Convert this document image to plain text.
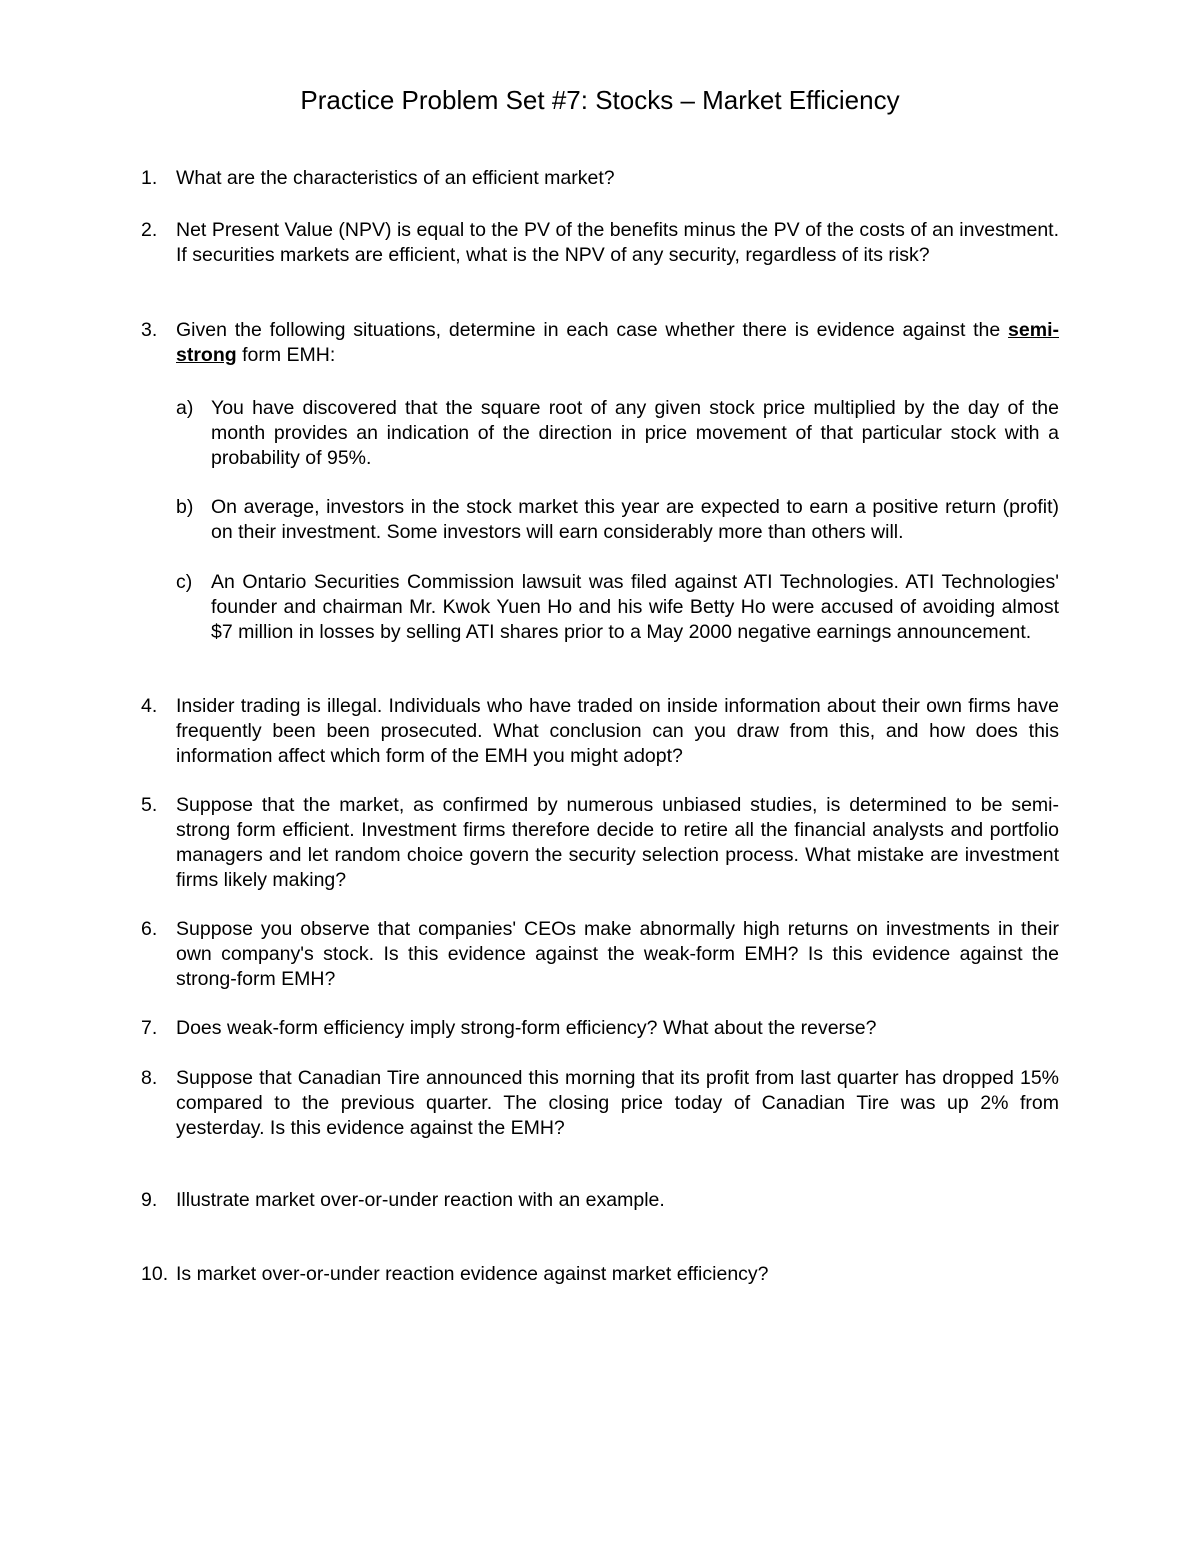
Practice Problem Set #7: Stocks – Market Efficiency
1. What are the characteristics of an efficient market?
2. Net Present Value (NPV) is equal to the PV of the benefits minus the PV of the costs of an investment. If securities markets are efficient, what is the NPV of any security, regardless of its risk?
3. Given the following situations, determine in each case whether there is evidence against the semi-strong form EMH:
a) You have discovered that the square root of any given stock price multiplied by the day of the month provides an indication of the direction in price movement of that particular stock with a probability of 95%.
b) On average, investors in the stock market this year are expected to earn a positive return (profit) on their investment. Some investors will earn considerably more than others will.
c) An Ontario Securities Commission lawsuit was filed against ATI Technologies. ATI Technologies' founder and chairman Mr. Kwok Yuen Ho and his wife Betty Ho were accused of avoiding almost $7 million in losses by selling ATI shares prior to a May 2000 negative earnings announcement.
4. Insider trading is illegal. Individuals who have traded on inside information about their own firms have frequently been been prosecuted. What conclusion can you draw from this, and how does this information affect which form of the EMH you might adopt?
5. Suppose that the market, as confirmed by numerous unbiased studies, is determined to be semi-strong form efficient. Investment firms therefore decide to retire all the financial analysts and portfolio managers and let random choice govern the security selection process. What mistake are investment firms likely making?
6. Suppose you observe that companies' CEOs make abnormally high returns on investments in their own company's stock. Is this evidence against the weak-form EMH? Is this evidence against the strong-form EMH?
7. Does weak-form efficiency imply strong-form efficiency? What about the reverse?
8. Suppose that Canadian Tire announced this morning that its profit from last quarter has dropped 15% compared to the previous quarter. The closing price today of Canadian Tire was up 2% from yesterday. Is this evidence against the EMH?
9. Illustrate market over-or-under reaction with an example.
10. Is market over-or-under reaction evidence against market efficiency?
